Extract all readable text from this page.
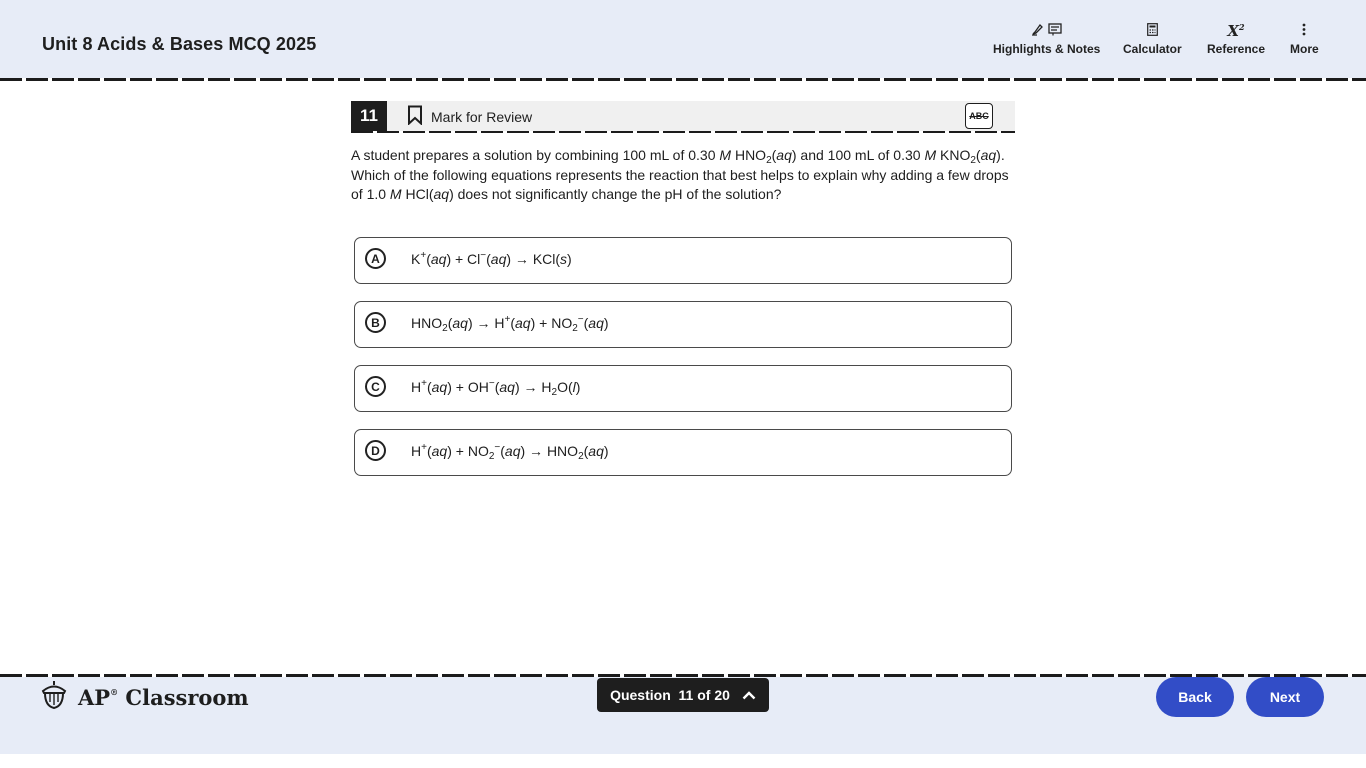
Unit 8 Acids & Bases MCQ 2025	Highlights & Notes Calculator
$X^2$
Reference More
11	Mark for Review	ABC
A student prepares a solution by combining 100 mL of 0.30 M $HNO_2(aq)$ and 100 mL of 0.30 M $KNO_2(aq)$. Which of the following equations represents the reaction that best helps to explain why adding a few drops of 1.0 M HCl(aq) does not significantly change the pH of the solution?
A	K+(aq) + Cl−(aq) → KCl(s)
B	$HNO_2(aq) \to H^+(aq) + NO_2^-(aq)$
C	$H^+(aq) + OH^-(aq) \to H_2O(l)$
D	$H^+(aq) + NO_2^-(aq) \to HNO_2(aq)$
AP® Classroom	Question  11 of 20	Back	Next
